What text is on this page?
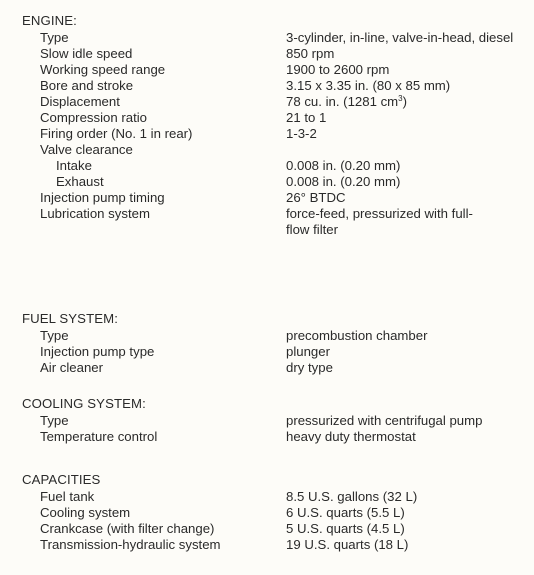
ENGINE:
Type	3-cylinder, in-line, valve-in-head, diesel
Slow idle speed	850 rpm
Working speed range	1900 to 2600 rpm
Bore and stroke	3.15 x 3.35 in. (80 x 85 mm)
Displacement	78 cu. in. (1281 $cm^3$)
Compression ratio	21 to 1
Firing order (No. 1 in rear)	1-3-2
Valve clearance
Intake	0.008 in. (0.20 mm)
Exhaust	0.008 in. (0.20 mm)
Injection pump timing	26° BTDC
Lubrication system	force-feed, pressurized with full-flow filter
FUEL SYSTEM:
Type	precombustion chamber
Injection pump type	plunger
Air cleaner	dry type
COOLING SYSTEM:
Type	pressurized with centrifugal pump
Temperature control	heavy duty thermostat
CAPACITIES
Fuel tank	8.5 U.S. gallons (32 L)
Cooling system	6 U.S. quarts (5.5 L)
Crankcase (with filter change)	5 U.S. quarts (4.5 L)
Transmission-hydraulic system	19 U.S. quarts (18 L)
